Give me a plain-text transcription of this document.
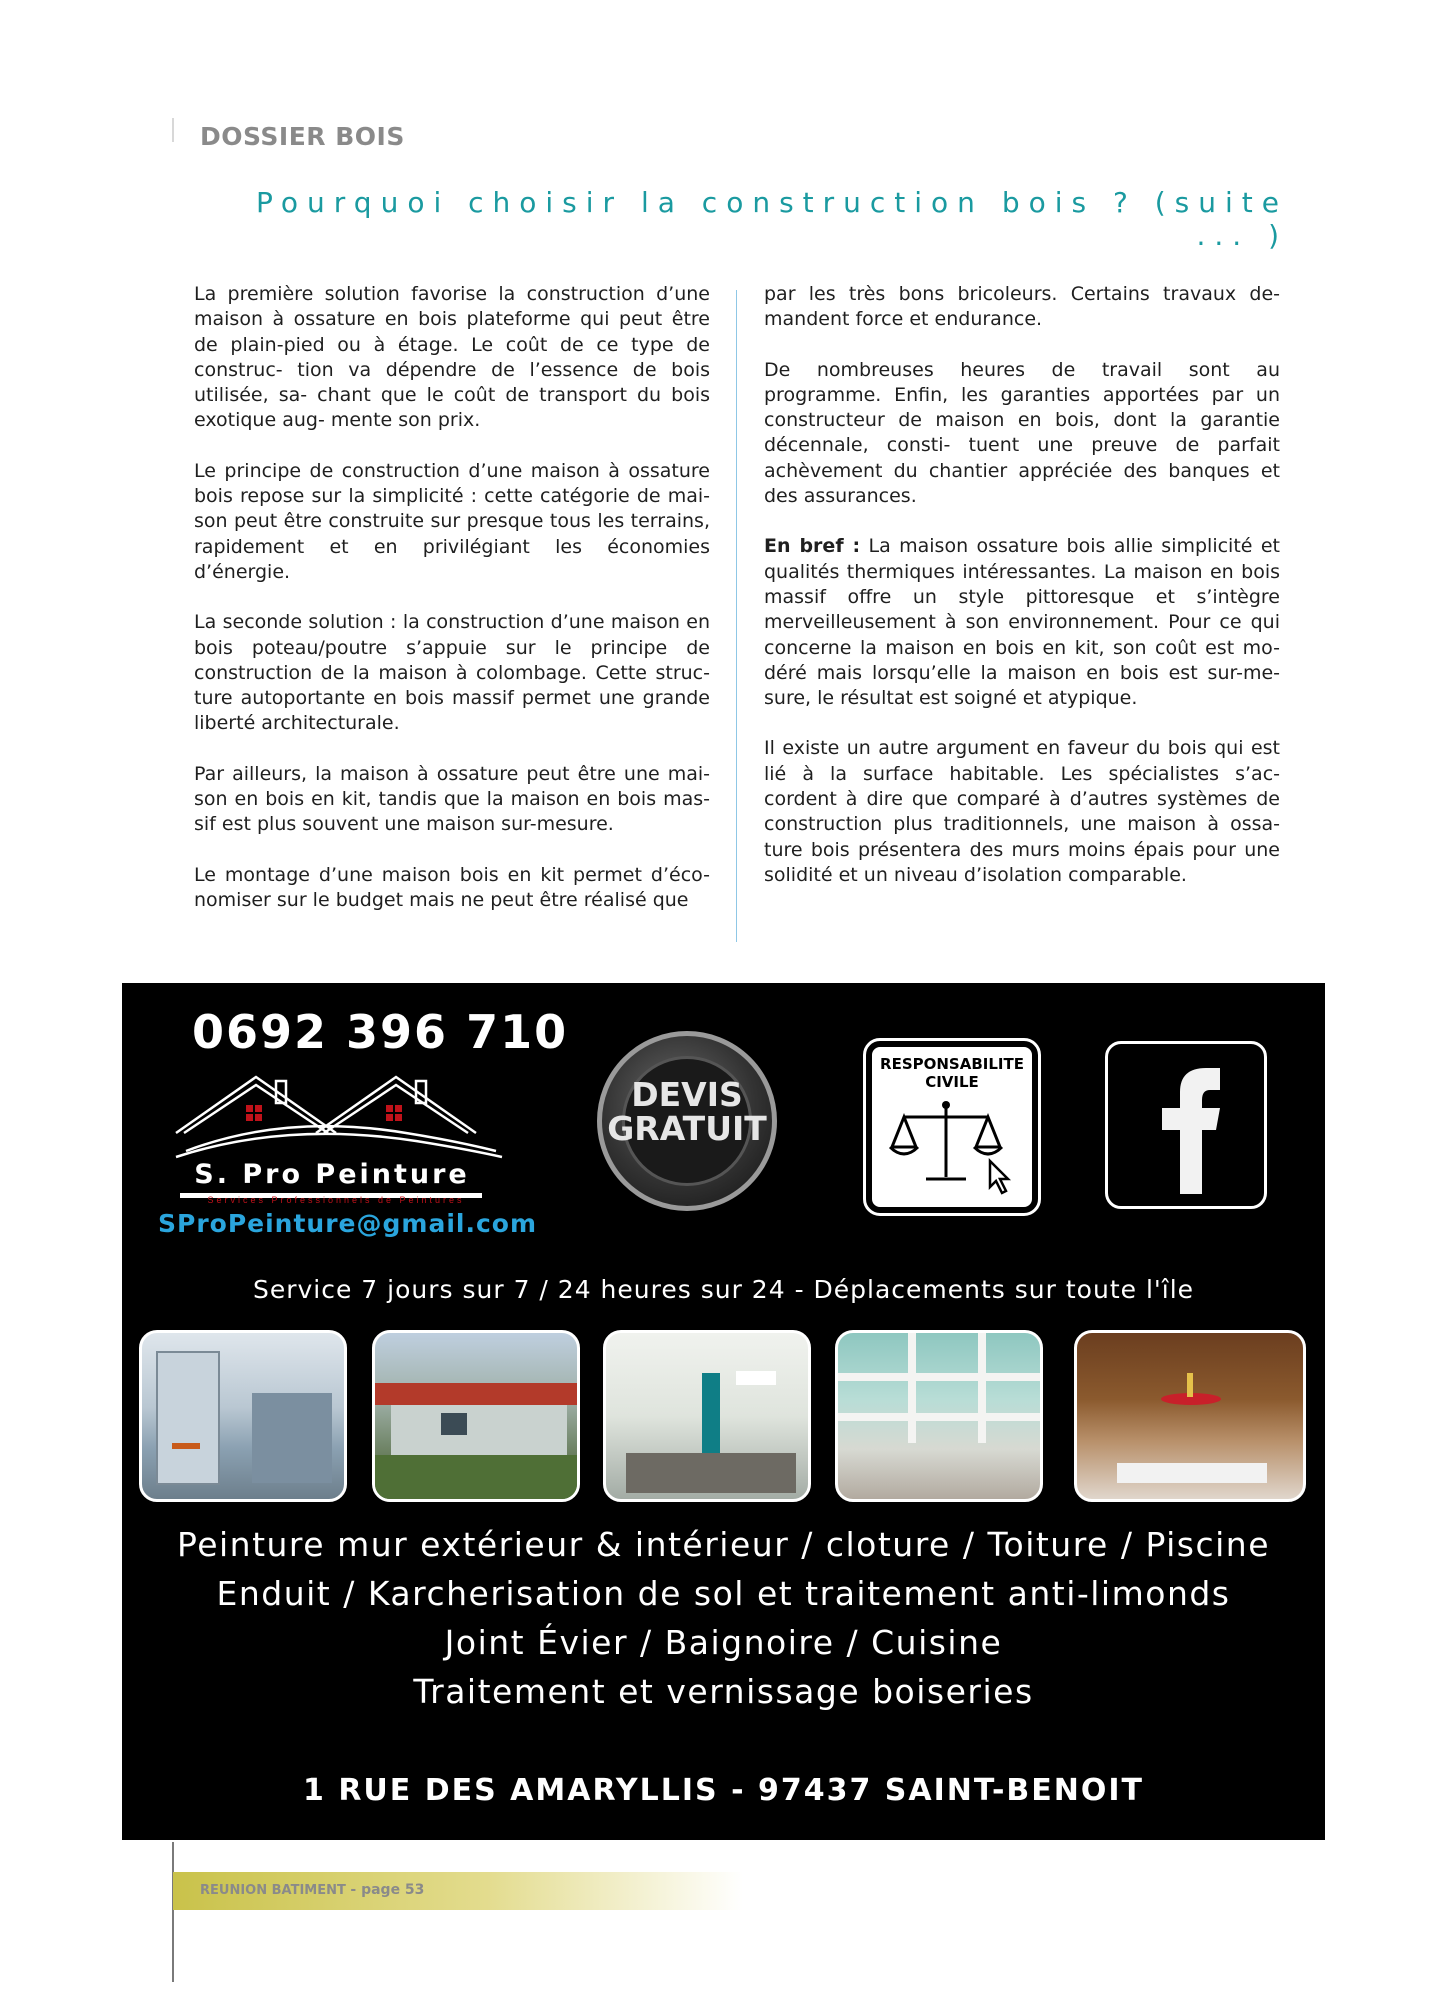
DOSSIER BOIS
Pourquoi choisir la construction bois ? (suite ... )

La première solution favorise la construction d’une maison à ossature en bois plateforme qui peut être de plain-pied ou à étage. Le coût de ce type de construc- tion va dépendre de l’essence de bois utilisée, sa- chant que le coût de transport du bois exotique aug- mente son prix.

Le principe de construction d’une maison à ossature bois repose sur la simplicité : cette catégorie de mai- son peut être construite sur presque tous les terrains, rapidement et en privilégiant les économies d’énergie.

La seconde solution : la construction d’une maison en bois poteau/poutre s’appuie sur le principe de construction de la maison à colombage. Cette struc- ture autoportante en bois massif permet une grande liberté architecturale.

Par ailleurs, la maison à ossature peut être une mai- son en bois en kit, tandis que la maison en bois mas- sif est plus souvent une maison sur-mesure.

Le montage d’une maison bois en kit permet d’éco- nomiser sur le budget mais ne peut être réalisé que

par les très bons bricoleurs. Certains travaux de- mandent force et endurance.

De nombreuses heures de travail sont au programme. Enfin, les garanties apportées par un constructeur de maison en bois, dont la garantie décennale, consti- tuent une preuve de parfait achèvement du chantier appréciée des banques et des assurances.

En bref : La maison ossature bois allie simplicité et qualités thermiques intéressantes. La maison en bois massif offre un style pittoresque et s’intègre merveilleusement à son environnement. Pour ce qui concerne la maison en bois en kit, son coût est mo- déré mais lorsqu’elle la maison en bois est sur-me- sure, le résultat est soigné et atypique.

Il existe un autre argument en faveur du bois qui est lié à la surface habitable. Les spécialistes s’ac- cordent à dire que comparé à d’autres systèmes de construction plus traditionnels, une maison à ossa- ture bois présentera des murs moins épais pour une solidité et un niveau d’isolation comparable.

0692 396 710
S. Pro Peinture
Services Professionnels de Peintures
SProPeinture@gmail.com
DEVIS GRATUIT
RESPONSABILITE CIVILE
Service 7 jours sur 7 / 24 heures sur 24 - Déplacements sur toute l'île
Peinture mur extérieur & intérieur / cloture / Toiture / Piscine
Enduit / Karcherisation de sol et traitement anti-limonds
Joint Évier / Baignoire / Cuisine
Traitement et vernissage boiseries
1 RUE DES AMARYLLIS - 97437 SAINT-BENOIT
REUNION BATIMENT - page 53
